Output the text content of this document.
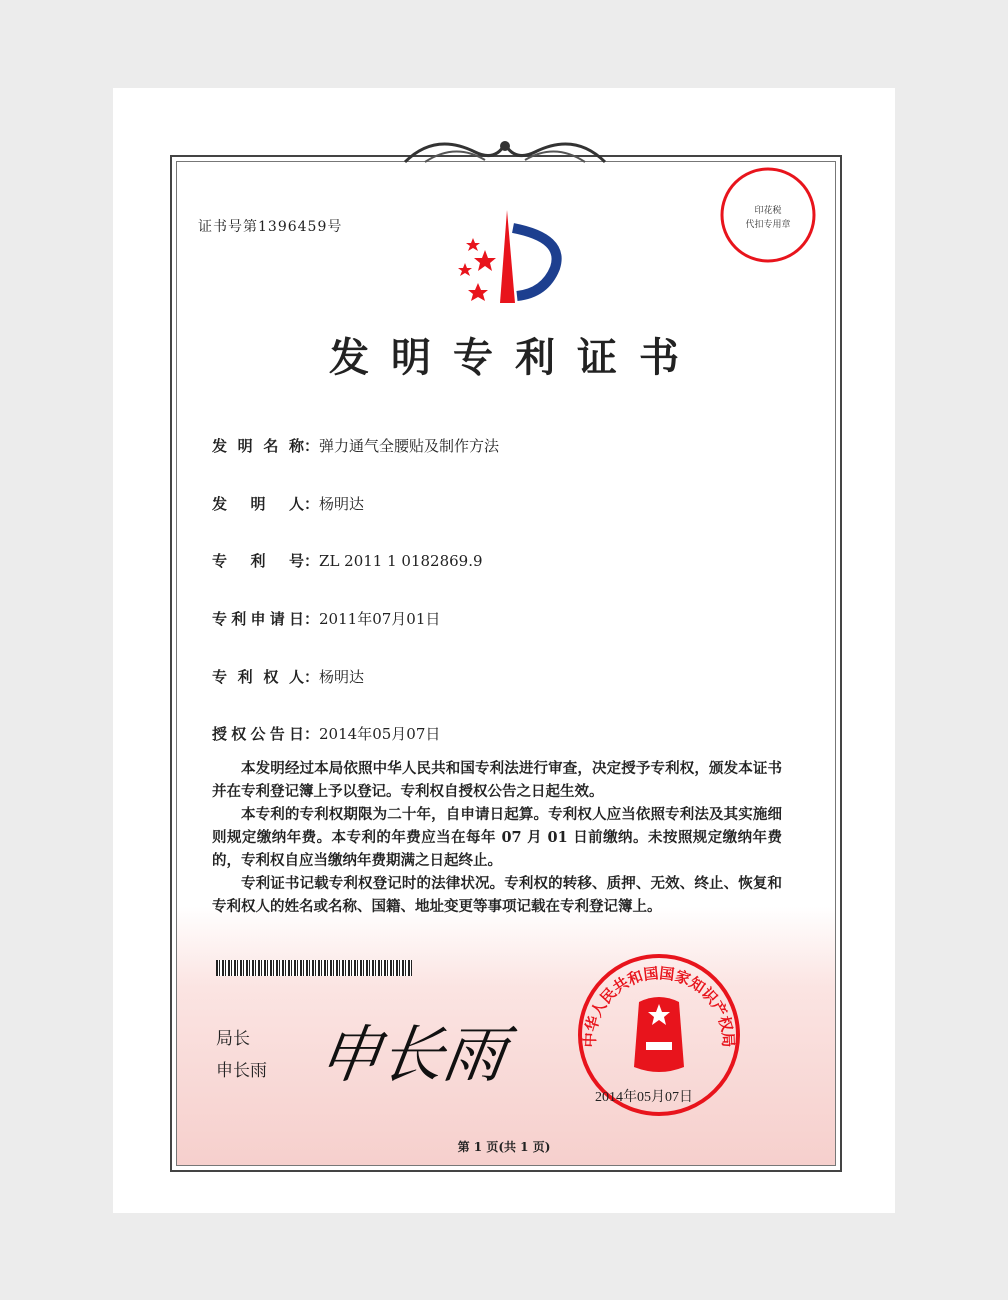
证书号第1396459号
印花税
代扣专用章
发明专利证书
发明名称：弹力通气全腰贴及制作方法
发明人：杨明达
专利号：ZL 2011 1 0182869.9
专利申请日：2011年07月01日
专利权人：杨明达
授权公告日：2014年05月07日

本发明经过本局依照中华人民共和国专利法进行审查，决定授予专利权，颁发本证书并在专利登记簿上予以登记。专利权自授权公告之日起生效。

本专利的专利权期限为二十年，自申请日起算。专利权人应当依照专利法及其实施细则规定缴纳年费。本专利的年费应当在每年 07 月 01 日前缴纳。未按照规定缴纳年费的，专利权自应当缴纳年费期满之日起终止。

专利证书记载专利权登记时的法律状况。专利权的转移、质押、无效、终止、恢复和专利权人的姓名或名称、国籍、地址变更等事项记载在专利登记簿上。

局长
申长雨 申长雨	中华人民共和国国家知识产权局
2014年05月07日
第 1 页(共 1 页)
